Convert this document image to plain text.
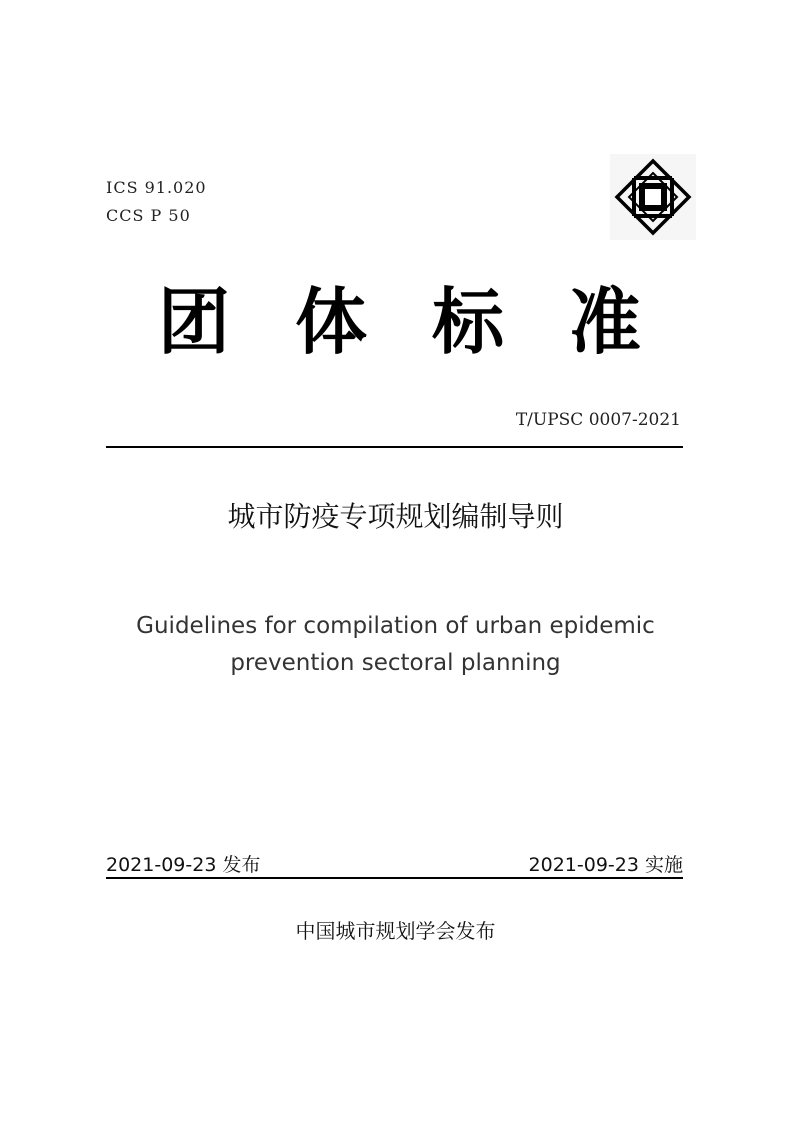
ICS 91.020
CCS P 50
团 体 标 准
T/UPSC 0007-2021
城市防疫专项规划编制导则
Guidelines for compilation of urban epidemic
prevention sectoral planning
2021-09-23 发布	2021-09-23 实施
中国城市规划学会发布
